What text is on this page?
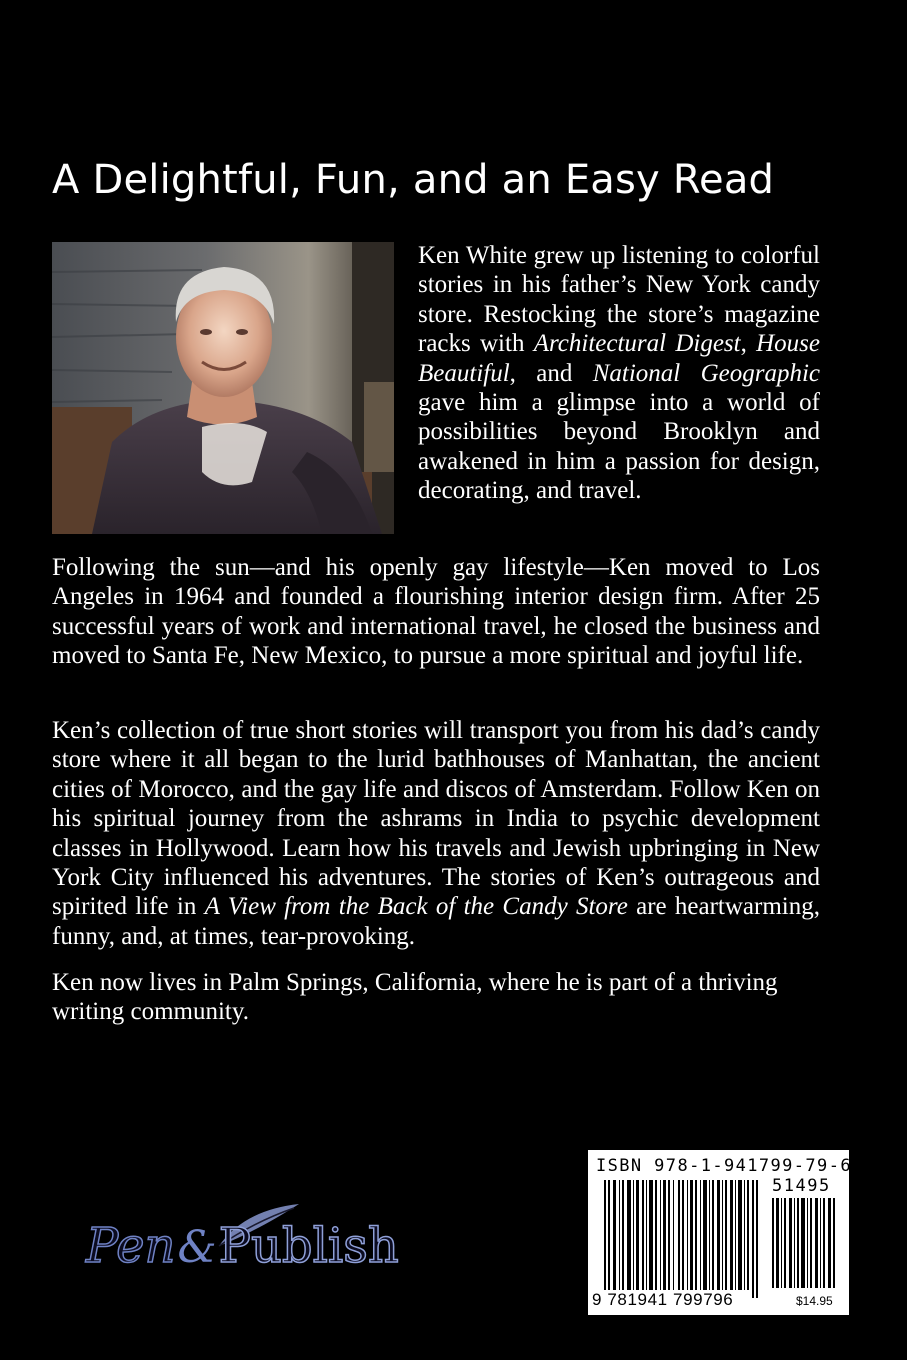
A Delightful, Fun, and an Easy Read

Ken White grew up listening to colorful stories in his father’s New York candy store. Restocking the store’s magazine racks with Architectural Digest, House Beautiful, and National Geographic gave him a glimpse into a world of possibilities beyond Brooklyn and awakened in him a passion for design, decorating, and travel.

Following the sun—and his openly gay lifestyle—Ken moved to Los Angeles in 1964 and founded a flourishing interior design firm. After 25 successful years of work and international travel, he closed the business and moved to Santa Fe, New Mexico, to pursue a more spiritual and joyful life.

Ken’s collection of true short stories will transport you from his dad’s candy store where it all began to the lurid bathhouses of Manhattan, the ancient cities of Morocco, and the gay life and discos of Amsterdam. Follow Ken on his spiritual journey from the ashrams in India to psychic development classes in Hollywood. Learn how his travels and Jewish upbringing in New York City influenced his adventures. The stories of Ken’s outrageous and spirited life in A View from the Back of the Candy Store are heartwarming, funny, and, at times, tear-provoking.

Ken now lives in Palm Springs, California, where he is part of a thriving writing community.

Pen&Publish
ISBN 978-1-941799-79-6
51495
9 781941 799796	$14.95
